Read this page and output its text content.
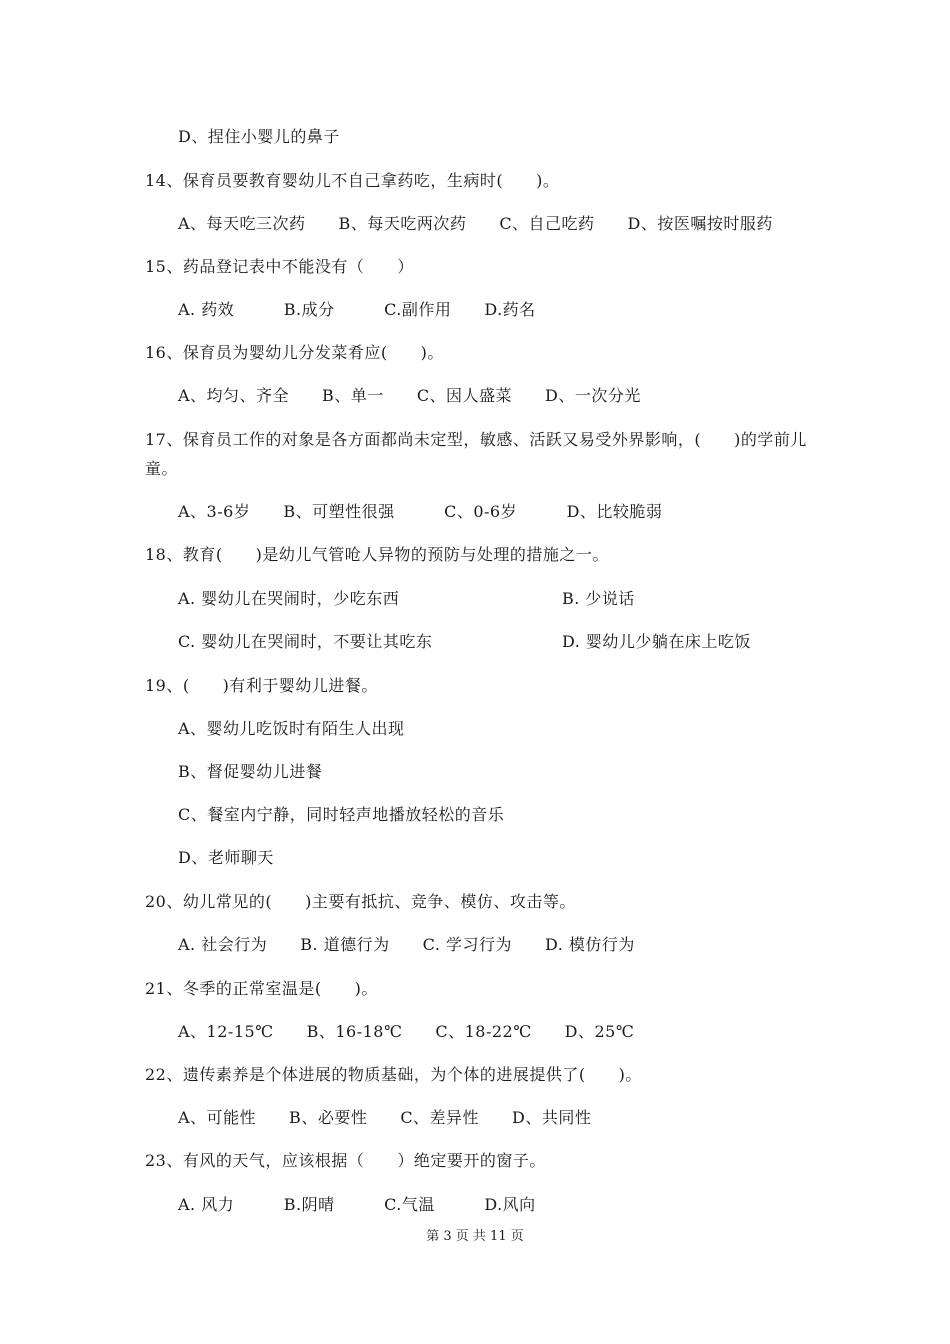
D、捏住小婴儿的鼻子
14、保育员要教育婴幼儿不自己拿药吃，生病时(　　)。
A、每天吃三次药　　B、每天吃两次药　　C、自己吃药　　D、按医嘱按时服药
15、药品登记表中不能没有（　　）
A. 药效　　　B.成分　　　C.副作用　　D.药名
16、保育员为婴幼儿分发菜肴应(　　)。
A、均匀、齐全　　B、单一　　C、因人盛菜　　D、一次分光
17、保育员工作的对象是各方面都尚未定型，敏感、活跃又易受外界影响，(　　)的学前儿
童。
A、3-6岁　　B、可塑性很强　　　C、0-6岁　　　D、比较脆弱
18、教育(　　)是幼儿气管呛人异物的预防与处理的措施之一。
A. 婴幼儿在哭闹时，少吃东西	B. 少说话
C. 婴幼儿在哭闹时，不要让其吃东	D. 婴幼儿少躺在床上吃饭
19、(　　)有利于婴幼儿进餐。
A、婴幼儿吃饭时有陌生人出现
B、督促婴幼儿进餐
C、餐室内宁静，同时轻声地播放轻松的音乐
D、老师聊天
20、幼儿常见的(　　)主要有抵抗、竞争、模仿、攻击等。
A. 社会行为　　B. 道德行为　　C. 学习行为　　D. 模仿行为
21、冬季的正常室温是(　　)。
A、12-15℃　　B、16-18℃　　C、18-22℃　　D、25℃
22、遗传素养是个体进展的物质基础，为个体的进展提供了(　　)。
A、可能性　　B、必要性　　C、差异性　　D、共同性
23、有风的天气，应该根据（　　）绝定要开的窗子。
A. 风力　　　B.阴晴　　　C.气温　　　D.风向
第 3 页 共 11 页
